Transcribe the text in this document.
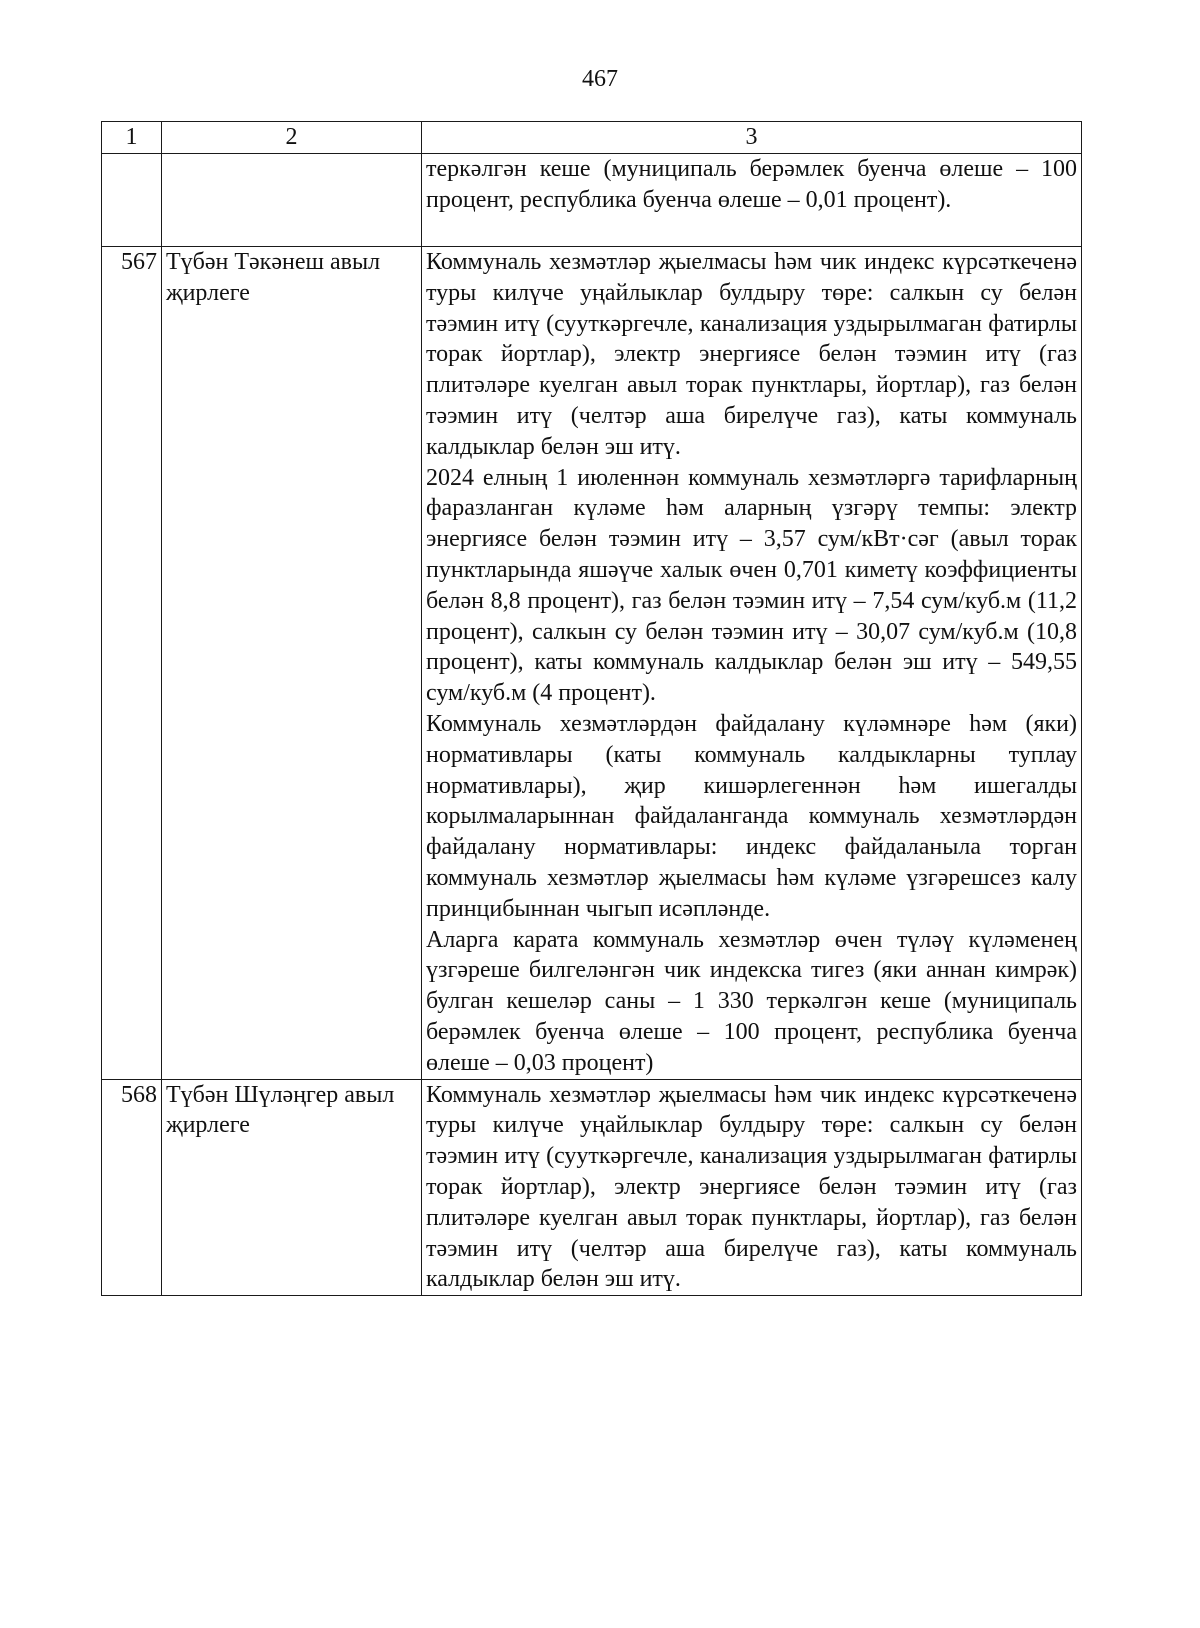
467
1	2	3

		теркәлгән кеше (муниципаль берәмлек буенча өлеше – 100 процент, республика буенча өлеше – 0,01 процент).

567	Түбән Тәкәнеш авыл җирлеге	Коммуналь хезмәтләр җыелмасы һәм чик индекс күрсәткеченә туры килүче уңайлыклар булдыру төре: салкын су белән тәэмин итү (сууткәргечле, канализация уздырылмаган фатирлы торак йортлар), электр энергиясе белән тәэмин итү (газ плитәләре куелган авыл торак пунктлары, йортлар), газ белән тәэмин итү (челтәр аша бирелүче газ), каты коммуналь калдыклар белән эш итү.

2024 елның 1 июленнән коммуналь хезмәтләргә тарифларның фаразланган күләме һәм аларның үзгәрү темпы: электр энергиясе белән тәэмин итү – 3,57 сум/кВт·сәг (авыл торак пунктларында яшәүче халык өчен 0,701 киметү коэффициенты белән 8,8 процент), газ белән тәэмин итү – 7,54 сум/куб.м (11,2 процент), салкын су белән тәэмин итү – 30,07 сум/куб.м (10,8 процент), каты коммуналь калдыклар белән эш итү – 549,55 сум/куб.м (4 процент).

Коммуналь хезмәтләрдән файдалану күләмнәре һәм (яки) нормативлары (каты коммуналь калдыкларны туплау нормативлары), җир кишәрлегеннән һәм ишегалды корылмаларыннан файдаланганда коммуналь хезмәтләрдән файдалану нормативлары: индекс файдаланыла торган коммуналь хезмәтләр җыелмасы һәм күләме үзгәрешсез калу принцибыннан чыгып исәпләнде.

Аларга карата коммуналь хезмәтләр өчен түләү күләменең үзгәреше билгеләнгән чик индекска тигез (яки аннан кимрәк) булган кешеләр саны – 1 330 теркәлгән кеше (муниципаль берәмлек буенча өлеше – 100 процент, республика буенча өлеше – 0,03 процент)

568	Түбән Шүләңгер авыл җирлеге	Коммуналь хезмәтләр җыелмасы һәм чик индекс күрсәткеченә туры килүче уңайлыклар булдыру төре: салкын су белән тәэмин итү (сууткәргечле, канализация уздырылмаган фатирлы торак йортлар), электр энергиясе белән тәэмин итү (газ плитәләре куелган авыл торак пунктлары, йортлар), газ белән тәэмин итү (челтәр аша бирелүче газ), каты коммуналь калдыклар белән эш итү.
